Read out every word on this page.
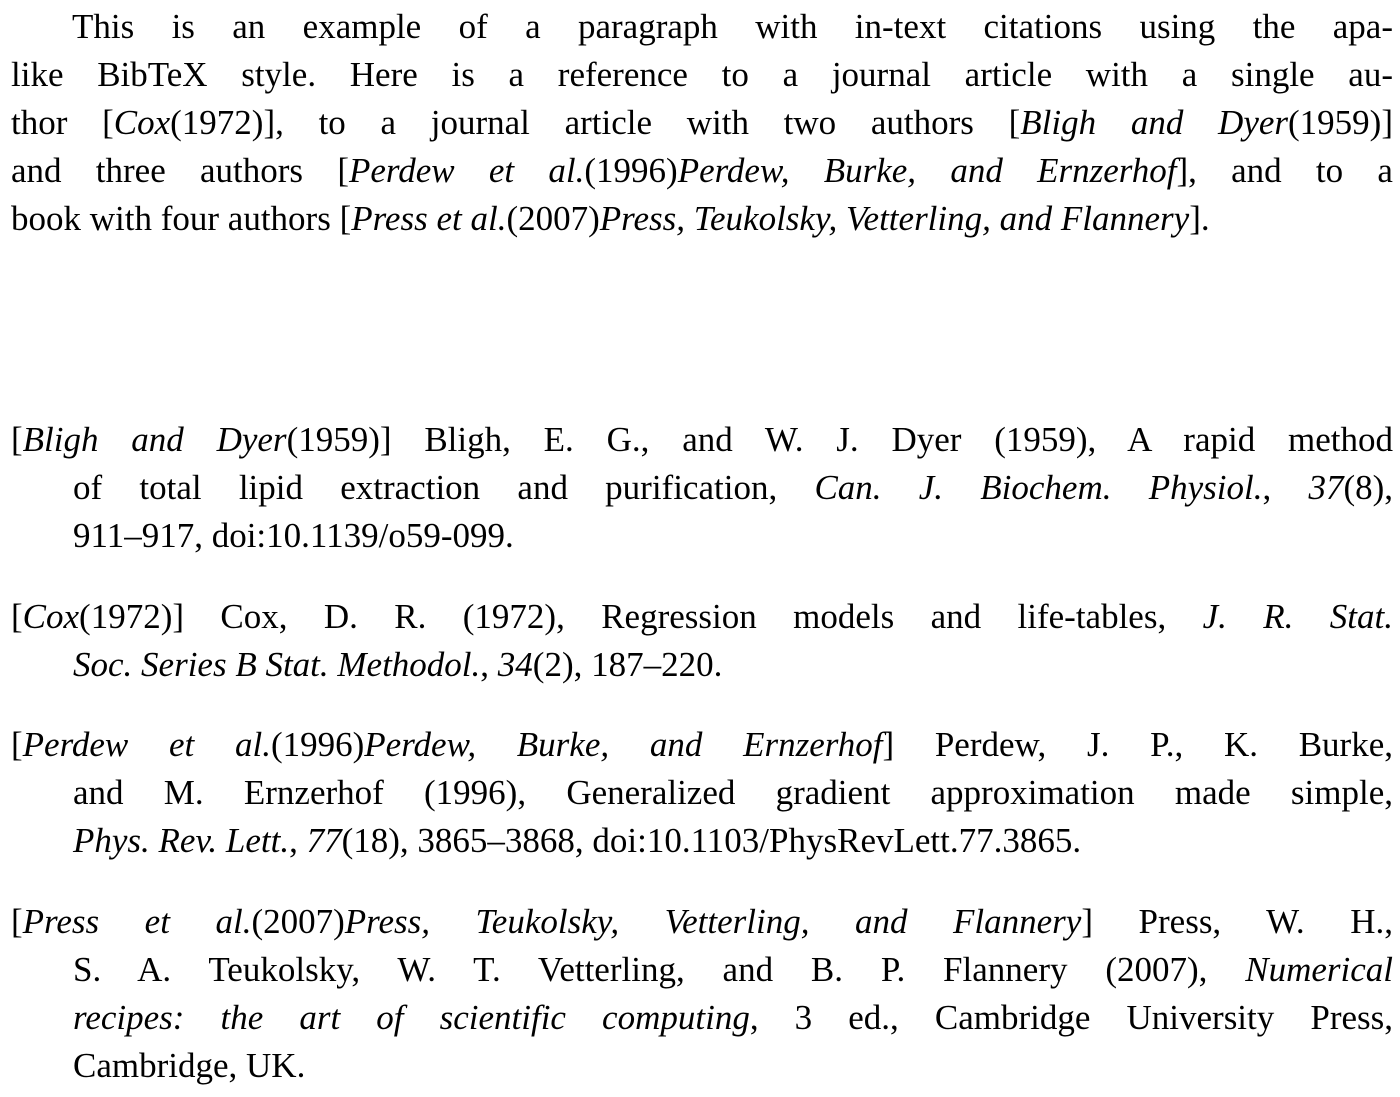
This is an example of a paragraph with in-text citations using the apa-
like BibTeX style. Here is a reference to a journal article with a single au-
thor [Cox(1972)], to a journal article with two authors [Bligh and Dyer(1959)]
and three authors [Perdew et al.(1996)Perdew, Burke, and Ernzerhof], and to a
book with four authors [Press et al.(2007)Press, Teukolsky, Vetterling, and Flannery].
[Bligh and Dyer(1959)] Bligh, E. G., and W. J. Dyer (1959), A rapid method
of total lipid extraction and purification, Can. J. Biochem. Physiol., 37(8),
911–917, doi:10.1139/o59-099.
[Cox(1972)] Cox, D. R. (1972), Regression models and life-tables, J. R. Stat.
Soc. Series B Stat. Methodol., 34(2), 187–220.
[Perdew et al.(1996)Perdew, Burke, and Ernzerhof] Perdew, J. P., K. Burke,
and M. Ernzerhof (1996), Generalized gradient approximation made simple,
Phys. Rev. Lett., 77(18), 3865–3868, doi:10.1103/PhysRevLett.77.3865.
[Press et al.(2007)Press, Teukolsky, Vetterling, and Flannery] Press, W. H.,
S. A. Teukolsky, W. T. Vetterling, and B. P. Flannery (2007), Numerical
recipes: the art of scientific computing, 3 ed., Cambridge University Press,
Cambridge, UK.
